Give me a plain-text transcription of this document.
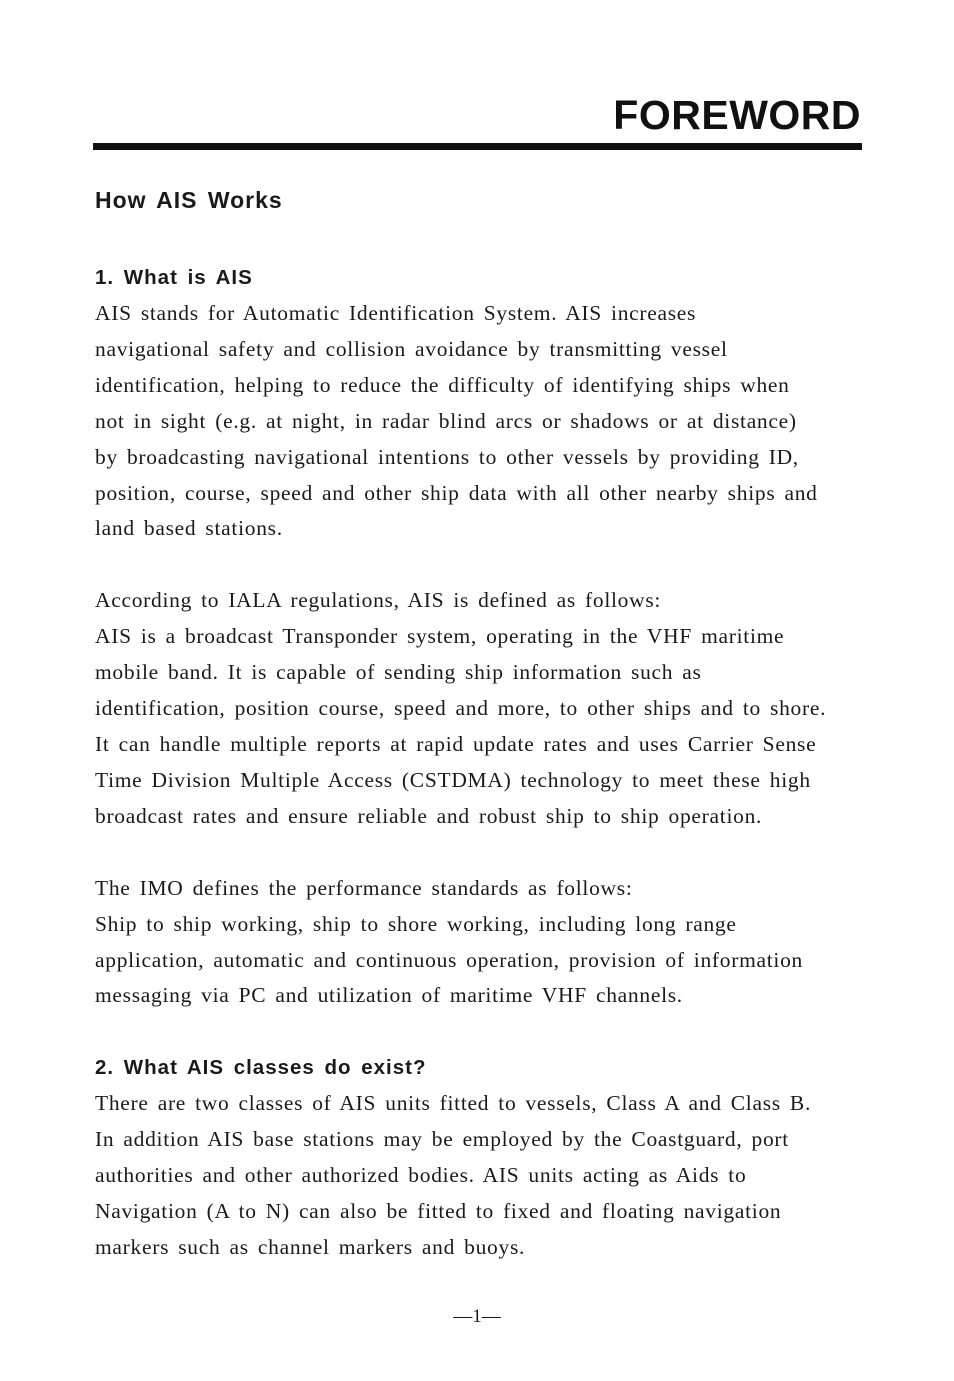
FOREWORD
How AIS Works
1. What is AIS
AIS stands for Automatic Identification System. AIS increases
navigational safety and collision avoidance by transmitting vessel
identification, helping to reduce the difficulty of identifying ships when
not in sight (e.g. at night, in radar blind arcs or shadows or at distance)
by broadcasting navigational intentions to other vessels by providing ID,
position, course, speed and other ship data with all other nearby ships and
land based stations.
According to IALA regulations, AIS is defined as follows:
AIS is a broadcast Transponder system, operating in the VHF maritime
mobile band. It is capable of sending ship information such as
identification, position course, speed and more, to other ships and to shore.
It can handle multiple reports at rapid update rates and uses Carrier Sense
Time Division Multiple Access (CSTDMA) technology to meet these high
broadcast rates and ensure reliable and robust ship to ship operation.
The IMO defines the performance standards as follows:
Ship to ship working, ship to shore working, including long range
application, automatic and continuous operation, provision of information
messaging via PC and utilization of maritime VHF channels.
2. What AIS classes do exist?
There are two classes of AIS units fitted to vessels, Class A and Class B.
In addition AIS base stations may be employed by the Coastguard, port
authorities and other authorized bodies. AIS units acting as Aids to
Navigation (A to N) can also be fitted to fixed and floating navigation
markers such as channel markers and buoys.
—1—
